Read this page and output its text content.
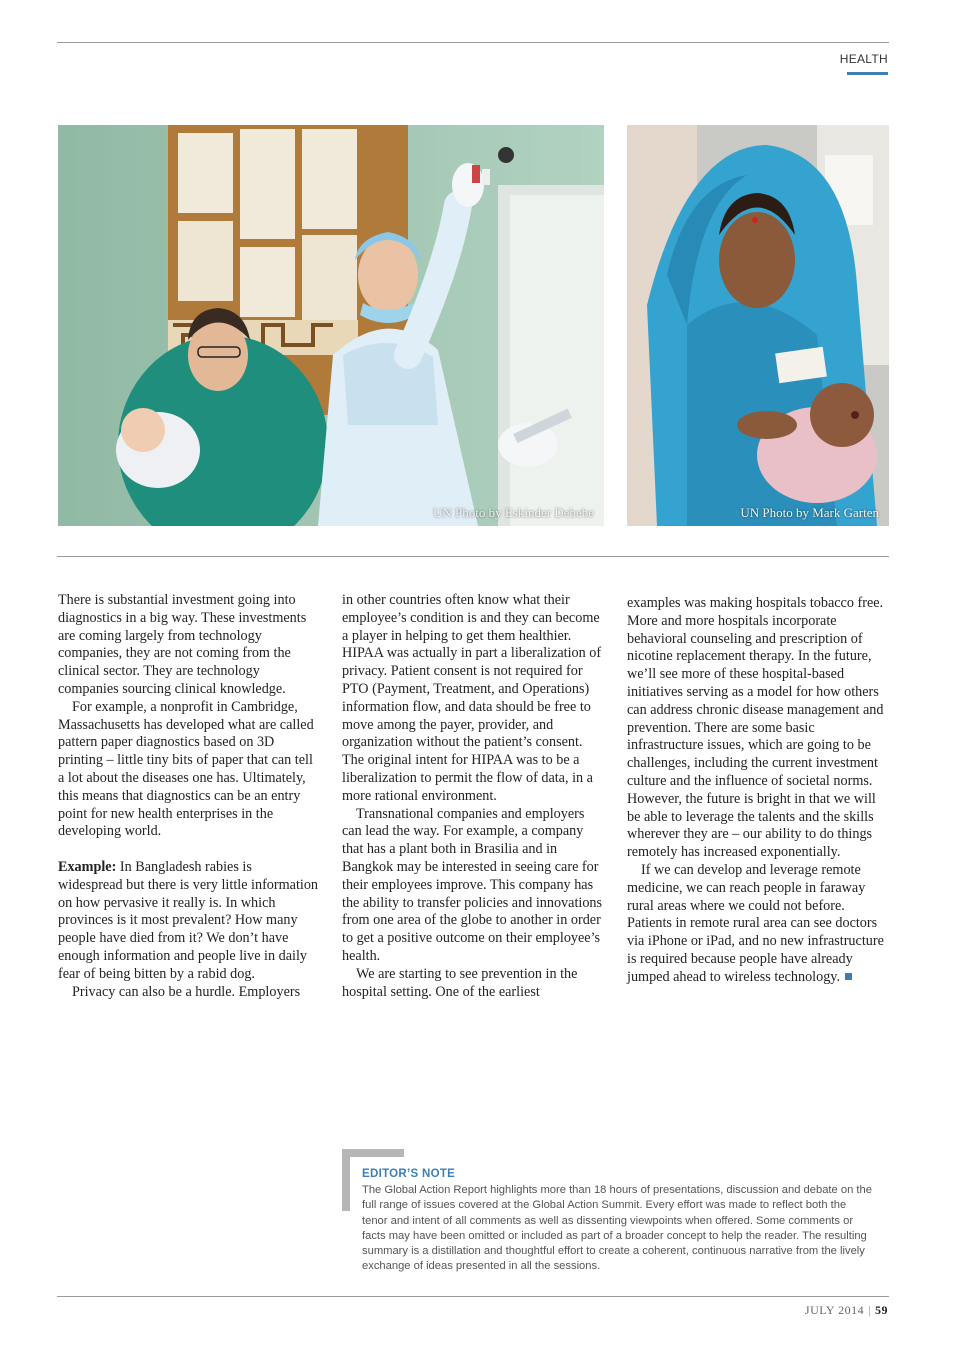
HEALTH
UN Photo by Eskinder Debebe	UN Photo by Mark Garten

There is substantial investment going into diagnostics in a big way. These investments are coming largely from technology companies, they are not coming from the clinical sector. They are technology companies sourcing clinical knowledge.

For example, a nonprofit in Cambridge, Massachusetts has developed what are called pattern paper diagnostics based on 3D printing – little tiny bits of paper that can tell a lot about the diseases one has. Ultimately, this means that diagnostics can be an entry point for new health enterprises in the developing world.

Example: In Bangladesh rabies is widespread but there is very little information on how pervasive it really is. In which provinces is it most prevalent? How many people have died from it? We don’t have enough information and people live in daily fear of being bitten by a rabid dog.

Privacy can also be a hurdle. Employers

in other countries often know what their employee’s condition is and they can become a player in helping to get them healthier. HIPAA was actually in part a liberalization of privacy. Patient consent is not required for PTO (Payment, Treatment, and Operations) information flow, and data should be free to move among the payer, provider, and organization without the patient’s consent. The original intent for HIPAA was to be a liberalization to permit the flow of data, in a more rational environment.

Transnational companies and employers can lead the way. For example, a company that has a plant both in Brasilia and in Bangkok may be interested in seeing care for their employees improve. This company has the ability to transfer policies and innovations from one area of the globe to another in order to get a positive outcome on their employee’s health.

We are starting to see prevention in the hospital setting. One of the earliest

examples was making hospitals tobacco free. More and more hospitals incorporate behavioral counseling and prescription of nicotine replacement therapy. In the future, we’ll see more of these hospital-based initiatives serving as a model for how others can address chronic disease management and prevention. There are some basic infrastructure issues, which are going to be challenges, including the current investment culture and the influence of societal norms. However, the future is bright in that we will be able to leverage the talents and the skills wherever they are – our ability to do things remotely has increased exponentially.

If we can develop and leverage remote medicine, we can reach people in faraway rural areas where we could not before. Patients in remote rural area can see doctors via iPhone or iPad, and no new infrastructure is required because people have already jumped ahead to wireless technology.

EDITOR’S NOTE
The Global Action Report highlights more than 18 hours of presentations, discussion and debate on the full range of issues covered at the Global Action Summit. Every effort was made to reflect both the tenor and intent of all comments as well as dissenting viewpoints when offered. Some comments or facts may have been omitted or included as part of a broader concept to help the reader. The resulting summary is a distillation and thoughtful effort to create a coherent, continuous narrative from the lively exchange of ideas presented in all the sessions.
JULY 2014 | 59
